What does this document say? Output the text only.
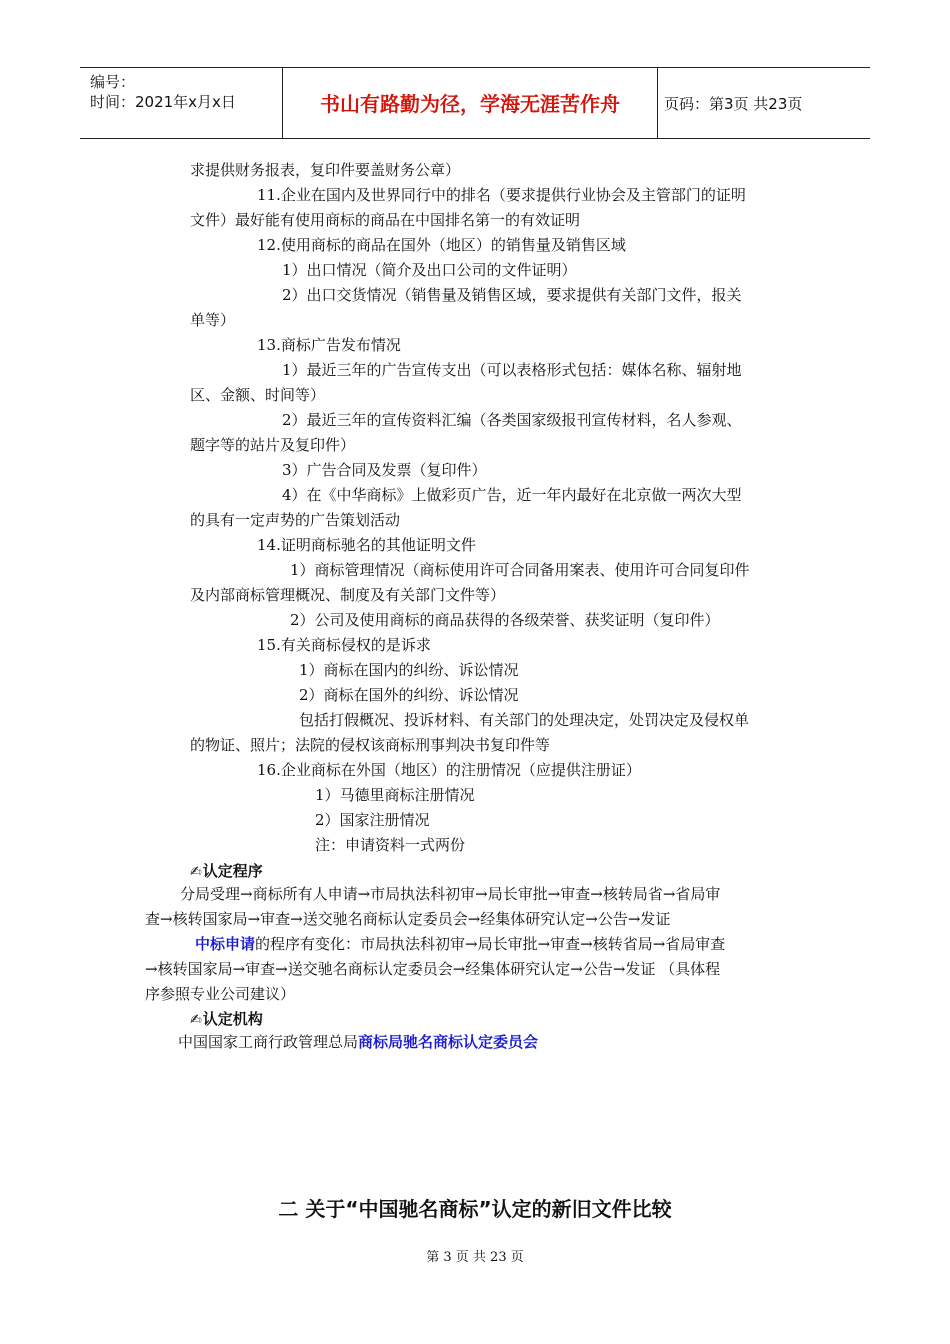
编号：
时间：2021年x月x日	书山有路勤为径，学海无涯苦作舟	页码：第3页 共23页
求提供财务报表，复印件要盖财务公章）
11.企业在国内及世界同行中的排名（要求提供行业协会及主管部门的证明
文件）最好能有使用商标的商品在中国排名第一的有效证明
12.使用商标的商品在国外（地区）的销售量及销售区域
1）出口情况（简介及出口公司的文件证明）
2）出口交货情况（销售量及销售区域，要求提供有关部门文件，报关
单等）
13.商标广告发布情况
1）最近三年的广告宣传支出（可以表格形式包括：媒体名称、辐射地
区、金额、时间等）
2）最近三年的宣传资料汇编（各类国家级报刊宣传材料，名人参观、
题字等的站片及复印件）
3）广告合同及发票（复印件）
4）在《中华商标》上做彩页广告，近一年内最好在北京做一两次大型
的具有一定声势的广告策划活动
14.证明商标驰名的其他证明文件
1）商标管理情况（商标使用许可合同备用案表、使用许可合同复印件
及内部商标管理概况、制度及有关部门文件等）
2）公司及使用商标的商品获得的各级荣誉、获奖证明（复印件）
15.有关商标侵权的是诉求
1）商标在国内的纠纷、诉讼情况
2）商标在国外的纠纷、诉讼情况
包括打假概况、投诉材料、有关部门的处理决定，处罚决定及侵权单
的物证、照片；法院的侵权该商标刑事判决书复印件等
16.企业商标在外国（地区）的注册情况（应提供注册证）
1）马德里商标注册情况
2）国家注册情况
注：申请资料一式两份
✍认定程序
分局受理→商标所有人申请→市局执法科初审→局长审批→审查→核转局省→省局审
查→核转国家局→审查→送交驰名商标认定委员会→经集体研究认定→公告→发证
中标申请的程序有变化：市局执法科初审→局长审批→审查→核转省局→省局审查
→核转国家局→审查→送交驰名商标认定委员会→经集体研究认定→公告→发证 （具体程
序参照专业公司建议）
✍认定机构
中国国家工商行政管理总局商标局驰名商标认定委员会
二 关于“中国驰名商标”认定的新旧文件比较
第 3 页 共 23 页
